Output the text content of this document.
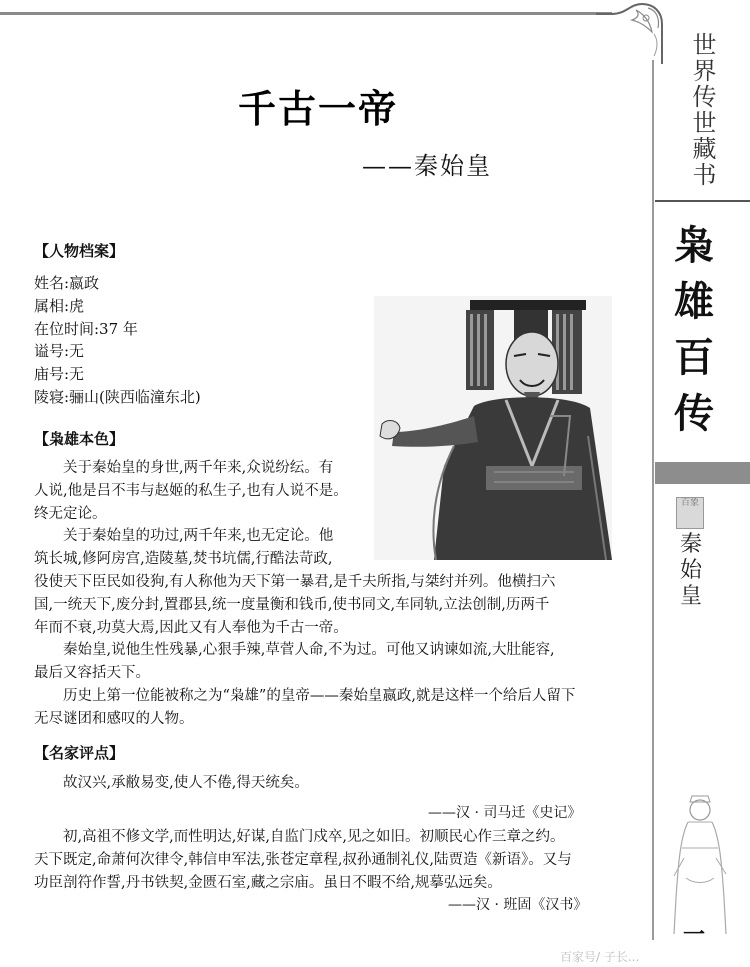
世界传世藏书
枭
雄
百
传
百象
秦
始
皇
一
百家号/ 子长...
千古一帝
——秦始皇
【人物档案】
姓名:嬴政
属相:虎
在位时间:37 年
谥号:无
庙号:无
陵寝:骊山(陕西临潼东北)
【枭雄本色】
关于秦始皇的身世,两千年来,众说纷纭。有
人说,他是吕不韦与赵姬的私生子,也有人说不是。
终无定论。
关于秦始皇的功过,两千年来,也无定论。他
筑长城,修阿房宫,造陵墓,焚书坑儒,行酷法苛政,
役使天下臣民如役狗,有人称他为天下第一暴君,是千夫所指,与桀纣并列。他横扫六
国,一统天下,废分封,置郡县,统一度量衡和钱币,使书同文,车同轨,立法创制,历两千
年而不衰,功莫大焉,因此又有人奉他为千古一帝。
秦始皇,说他生性残暴,心狠手辣,草菅人命,不为过。可他又讷谏如流,大肚能容,
最后又容括天下。
历史上第一位能被称之为“枭雄”的皇帝——秦始皇嬴政,就是这样一个给后人留下
无尽谜团和感叹的人物。
【名家评点】
故汉兴,承敝易变,使人不倦,得天统矣。
——汉 · 司马迁《史记》
初,高祖不修文学,而性明达,好谋,自监门戍卒,见之如旧。初顺民心作三章之约。
天下既定,命萧何次律令,韩信申军法,张苍定章程,叔孙通制礼仪,陆贾造《新语》。又与
功臣剖符作誓,丹书铁契,金匮石室,藏之宗庙。虽日不暇不给,规摹弘远矣。
——汉 · 班固《汉书》
